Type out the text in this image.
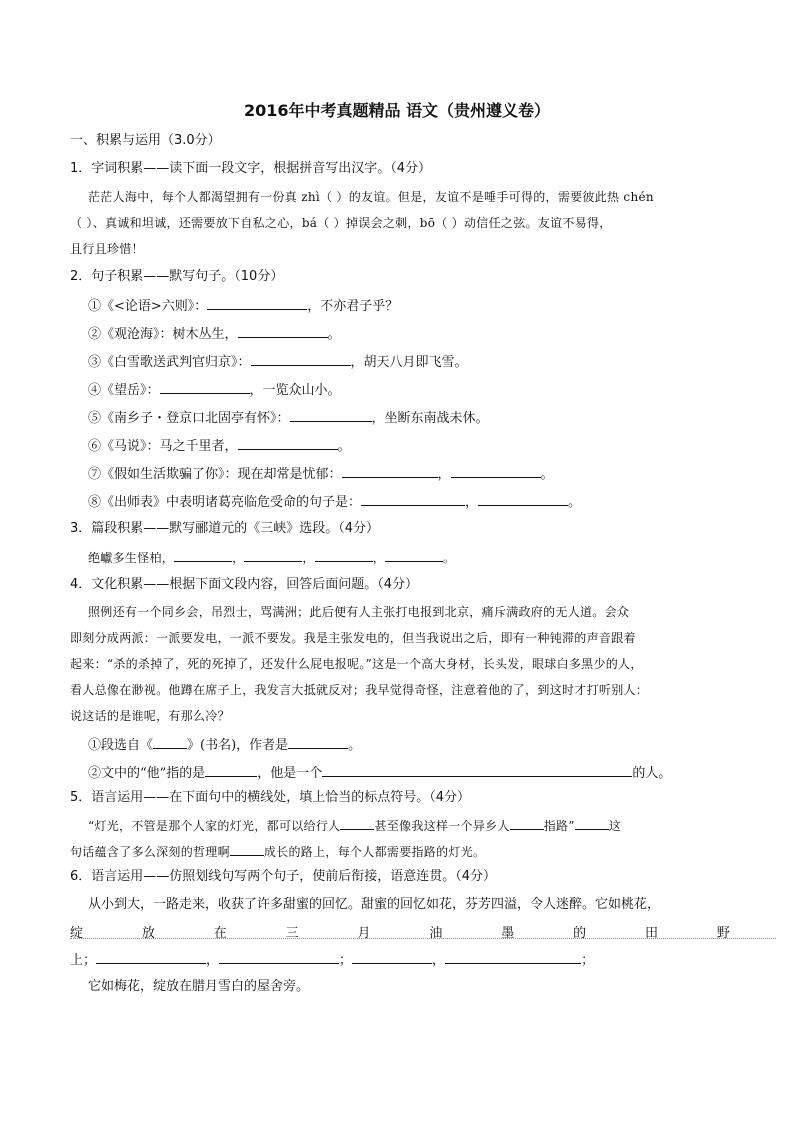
2016年中考真题精品 语文（贵州遵义卷）
一、积累与运用（3.0分）
1．字词积累——读下面一段文字，根据拼音写出汉字。（4分）
茫茫人海中，每个人都渴望拥有一份真 zhì（ ）的友谊。但是，友谊不是唾手可得的，需要彼此热 chén
（ ）、真诚和坦诚，还需要放下自私之心，bá（ ）掉误会之刺，bō（ ）动信任之弦。友谊不易得，
且行且珍惜！
2．句子积累——默写句子。（10分）
①《<论语>六则》：	，不亦君子乎？
②《观沧海》：树木丛生，	。
③《白雪歌送武判官归京》：	，胡天八月即飞雪。
④《望岳》：	，一览众山小。
⑤《南乡子・登京口北固亭有怀》：	，坐断东南战未休。
⑥《马说》：马之千里者，	。
⑦《假如生活欺骗了你》：现在却常是忧郁：	，	。
⑧《出师表》中表明诸葛亮临危受命的句子是：	，	。
3．篇段积累——默写郦道元的《三峡》选段。（4分）
绝巘多生怪柏，	，	，	，	。
4．文化积累——根据下面文段内容，回答后面问题。（4分）
照例还有一个同乡会，吊烈士，骂满洲；此后便有人主张打电报到北京，痛斥满政府的无人道。会众
即刻分成两派：一派要发电，一派不要发。我是主张发电的，但当我说出之后，即有一种钝滞的声音跟着
起来：“杀的杀掉了，死的死掉了，还发什么屁电报呢。”这是一个高大身材，长头发，眼球白多黑少的人，
看人总像在渺视。他蹲在席子上，我发言大抵就反对；我早觉得奇怪，注意着他的了，到这时才打听别人：
说这话的是谁呢，有那么冷？
①段选自《	》(书名)，作者是	。
②文中的“他”指的是	，他是一个	的人。
5．语言运用——在下面句中的横线处，填上恰当的标点符号。（4分）
“灯光，不管是那个人家的灯光，都可以给行人	甚至像我这样一个异乡人	指路”	这
句话蕴含了多么深刻的哲理啊	成长的路上，每个人都需要指路的灯光。
6．语言运用——仿照划线句写两个句子，使前后衔接，语意连贯。（4分）
从小到大，一路走来，收获了许多甜蜜的回忆。甜蜜的回忆如花，芬芳四溢，令人迷醉。它如桃花，
绽	放	在	三	月	油	墨	的	田	野
上；	，	；	，	；
它如梅花，绽放在腊月雪白的屋舍旁。
